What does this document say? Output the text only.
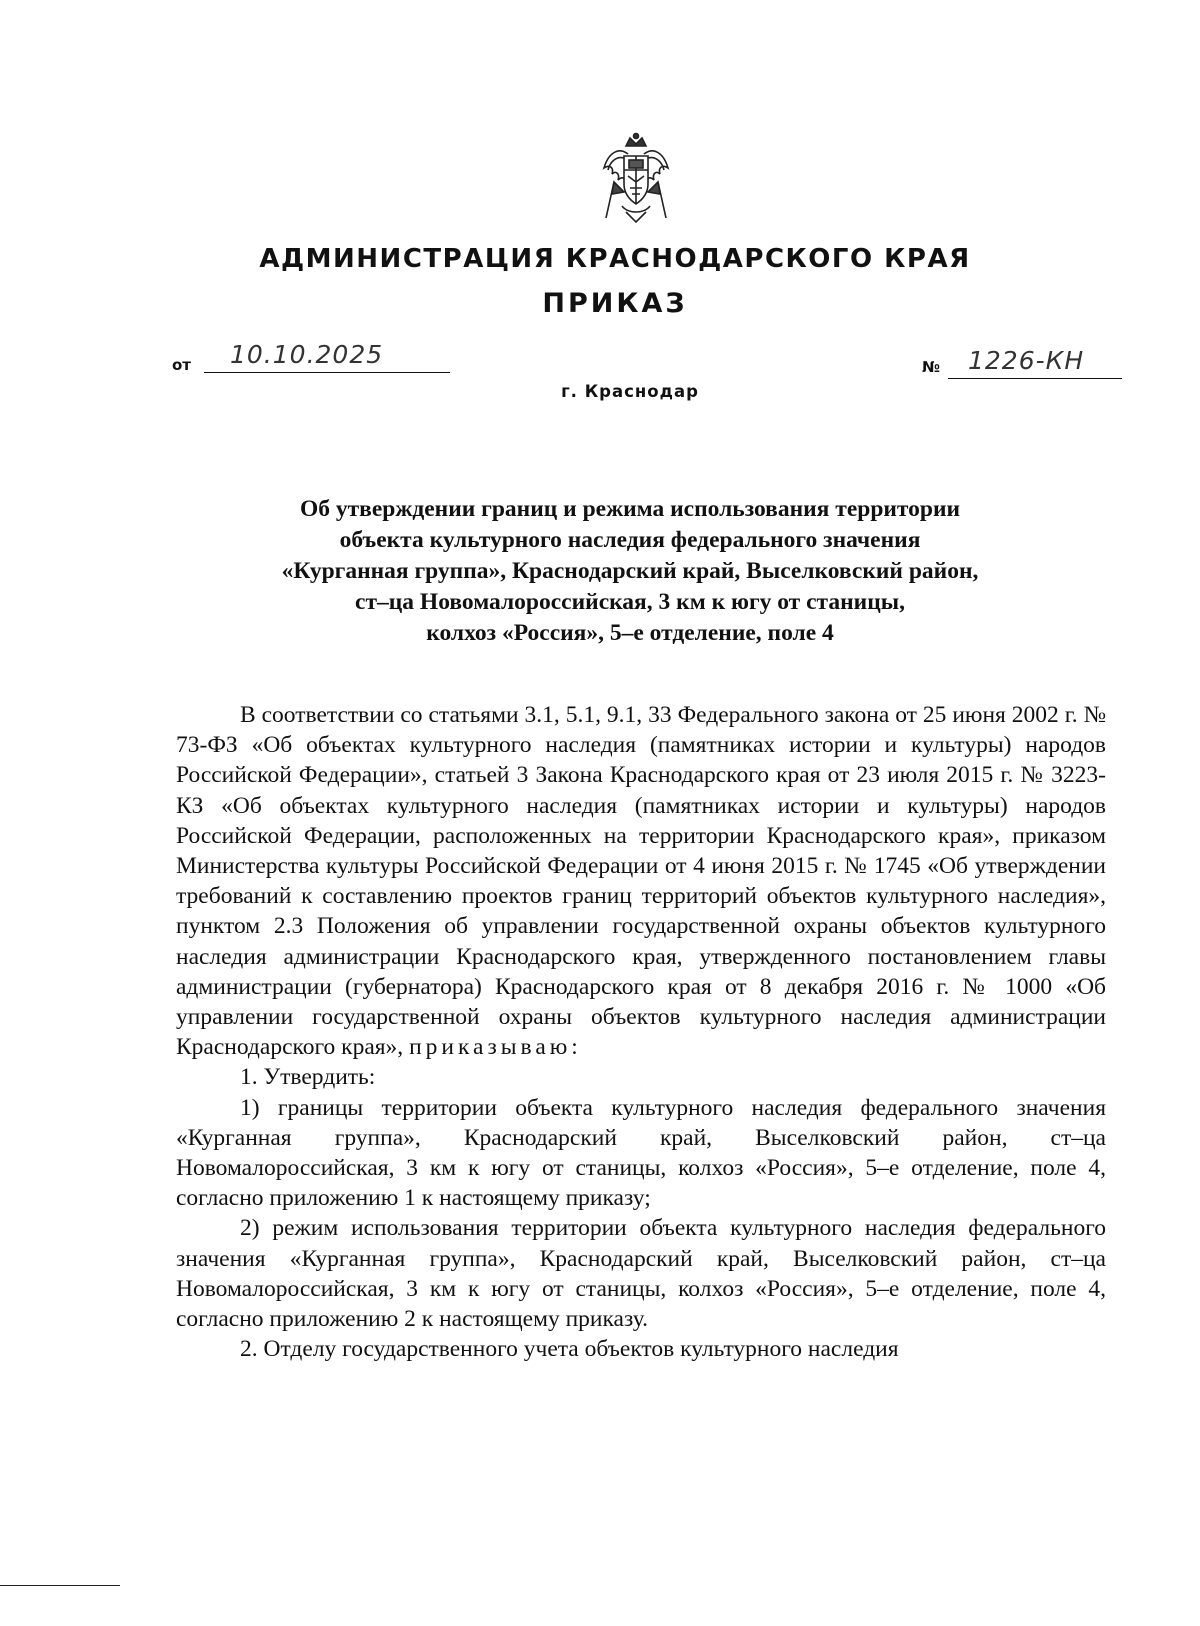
АДМИНИСТРАЦИЯ КРАСНОДАРСКОГО КРАЯ
ПРИКАЗ
от 10.10.2025	№ 1226-КН
г. Краснодар

Об утверждении границ и режима использования территории

объекта культурного наследия федерального значения

«Курганная группа», Краснодарский край, Выселковский район,

ст–ца Новомалороссийская, 3 км к югу от станицы,

колхоз «Россия», 5–е отделение, поле 4

В соответствии со статьями 3.1, 5.1, 9.1, 33 Федерального закона от 25 июня 2002 г. № 73-ФЗ «Об объектах культурного наследия (памятниках истории и культуры) народов Российской Федерации», статьей 3 Закона Краснодарского края от 23 июля 2015 г. № 3223-КЗ «Об объектах культурного наследия (памятниках истории и культуры) народов Российской Федерации, расположенных на территории Краснодарского края», приказом Министерства культуры Российской Федерации от 4 июня 2015 г. № 1745 «Об утверждении требований к составлению проектов границ территорий объектов культурного наследия», пунктом 2.3 Положения об управлении государственной охраны объектов культурного наследия администрации Краснодарского края, утвержденного постановлением главы администрации (губернатора) Краснодарского края от 8 декабря 2016 г. № 1000 «Об управлении государственной охраны объектов культурного наследия администрации Краснодарского края», приказываю:

1. Утвердить:

1) границы территории объекта культурного наследия федерального значения «Курганная группа», Краснодарский край, Выселковский район, ст–ца Новомалороссийская, 3 км к югу от станицы, колхоз «Россия», 5–е отделение, поле 4, согласно приложению 1 к настоящему приказу;

2) режим использования территории объекта культурного наследия федерального значения «Курганная группа», Краснодарский край, Выселковский район, ст–ца Новомалороссийская, 3 км к югу от станицы, колхоз «Россия», 5–е отделение, поле 4, согласно приложению 2 к настоящему приказу.

2. Отделу государственного учета объектов культурного наследия
